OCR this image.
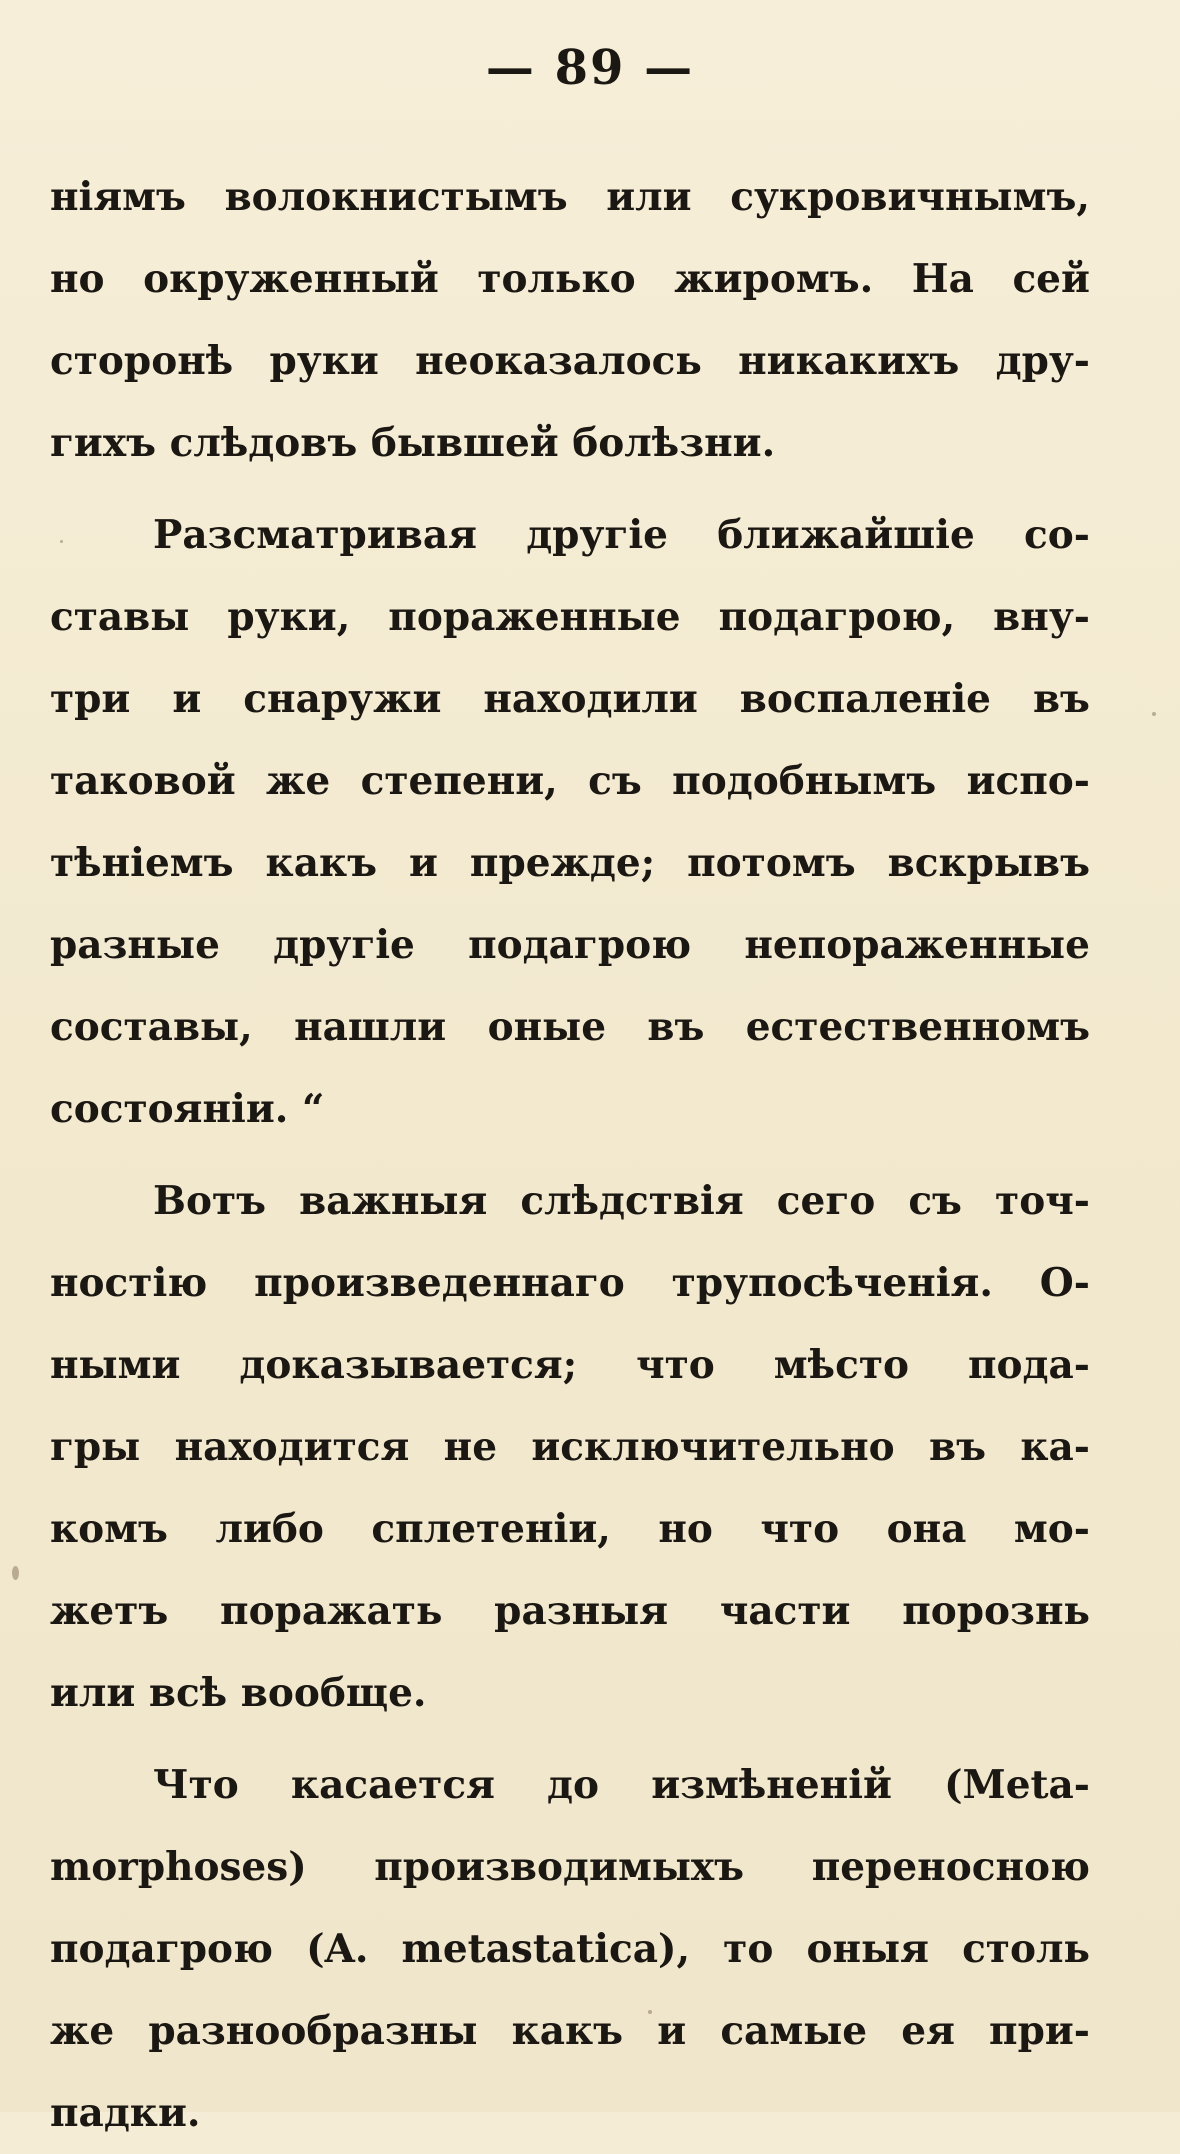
— 89 —
ніямъ волокнистымъ или сукровичнымъ,
но окруженный только жиромъ. На сей
сторонѣ руки неоказалось никакихъ дру-
гихъ слѣдовъ бывшей болѣзни.
Разсматривая другіе ближайшіе со-
ставы руки, пораженные подагрою, вну-
три и снаружи находили воспаленіе въ
таковой же степени, съ подобнымъ испо-
тѣніемъ какъ и прежде; потомъ вскрывъ
разные другіе подагрою непораженные
составы, нашли оные въ естественномъ
состояніи. “
Вотъ важныя слѣдствія сего съ точ-
ностію произведеннаго трупосѣченія. О-
ными доказывается; что мѣсто пода-
гры находится не исключительно въ ка-
комъ либо сплетеніи, но что она мо-
жетъ поражать разныя части порознь
или всѣ вообще.
Что касается до измѣненій (Meta-
morphoses) производимыхъ переносною
подагрою (A. metastatica), то оныя столь
же разнообразны какъ и самые ея при-
падки.
